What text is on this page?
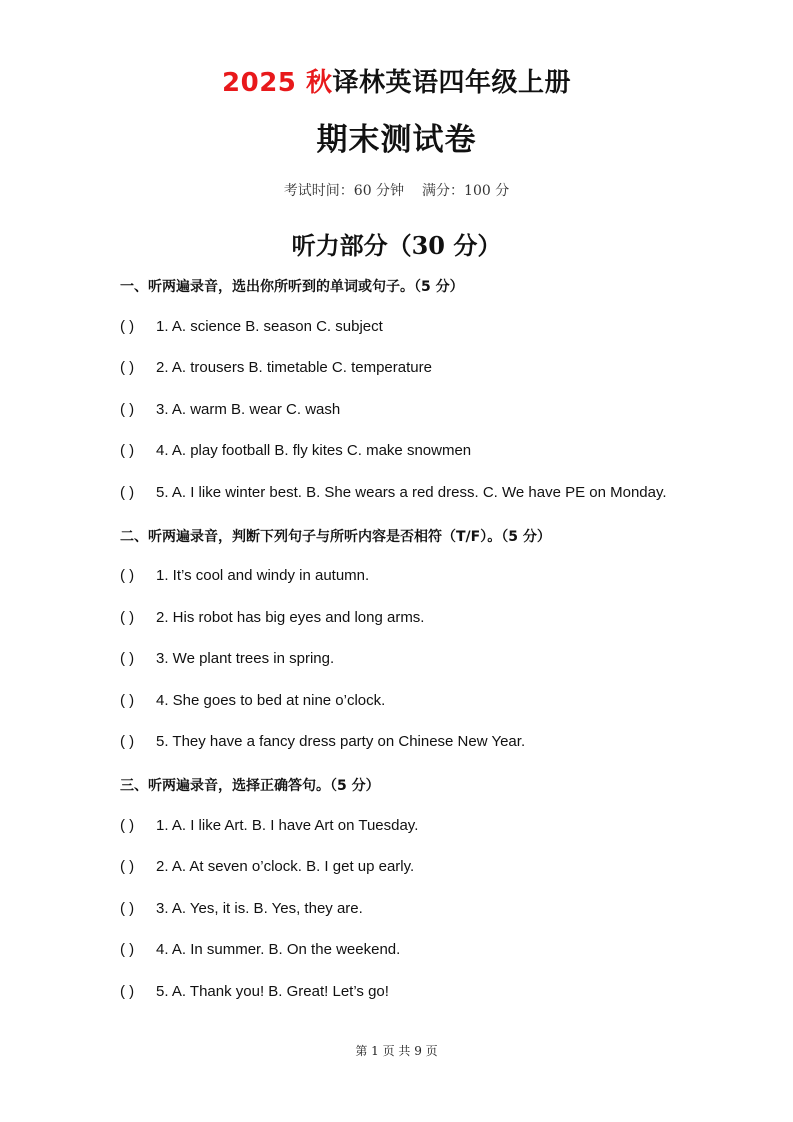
2025 秋译林英语四年级上册
期末测试卷
考试时间：60 分钟 满分：100 分
听力部分（30 分）
一、听两遍录音，选出你所听到的单词或句子。（5 分）
( ) 1. A. science B. season C. subject
( ) 2. A. trousers B. timetable C. temperature
( ) 3. A. warm B. wear C. wash
( ) 4. A. play football B. fly kites C. make snowmen
( ) 5. A. I like winter best. B. She wears a red dress. C. We have PE on Monday.
二、听两遍录音，判断下列句子与所听内容是否相符（T/F）。（5 分）
( ) 1. It’s cool and windy in autumn.
( ) 2. His robot has big eyes and long arms.
( ) 3. We plant trees in spring.
( ) 4. She goes to bed at nine o’clock.
( ) 5. They have a fancy dress party on Chinese New Year.
三、听两遍录音，选择正确答句。（5 分）
( ) 1. A. I like Art. B. I have Art on Tuesday.
( ) 2. A. At seven o’clock. B. I get up early.
( ) 3. A. Yes, it is. B. Yes, they are.
( ) 4. A. In summer. B. On the weekend.
( ) 5. A. Thank you! B. Great! Let’s go!
第 1 页 共 9 页
